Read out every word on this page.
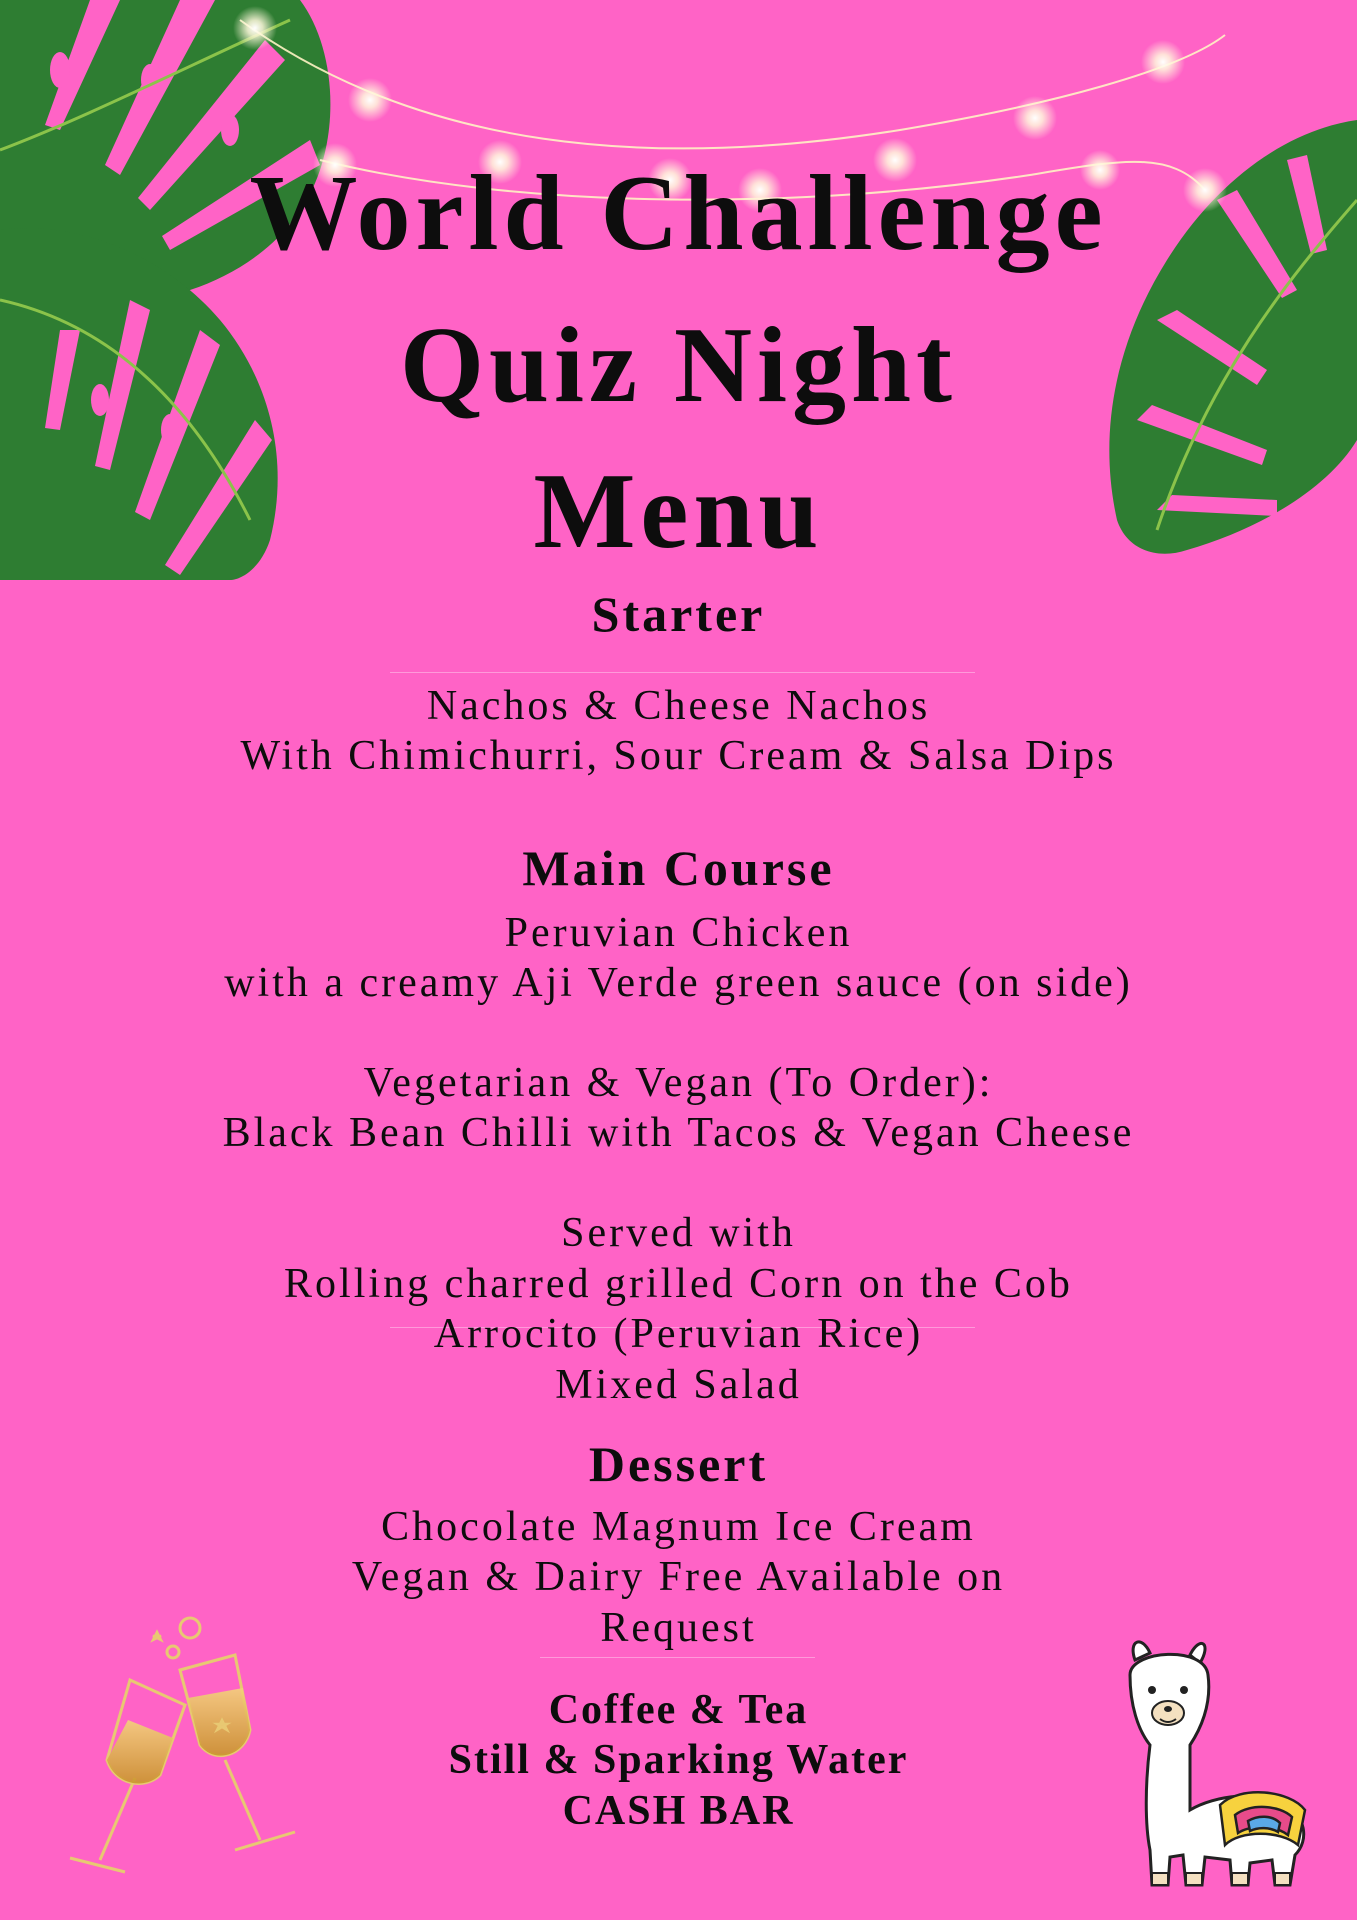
World Challenge
Quiz Night
Menu
Starter

Nachos & Cheese Nachos

With Chimichurri, Sour Cream & Salsa Dips

Main Course

Peruvian Chicken

with a creamy Aji Verde green sauce (on side)

Vegetarian & Vegan (To Order):

Black Bean Chilli with Tacos & Vegan Cheese

Served with

Rolling charred grilled Corn on the Cob

Arrocito (Peruvian Rice)

Mixed Salad

Dessert

Chocolate Magnum Ice Cream

Vegan & Dairy Free Available on

Request

Coffee & Tea

Still & Sparking Water

CASH BAR
